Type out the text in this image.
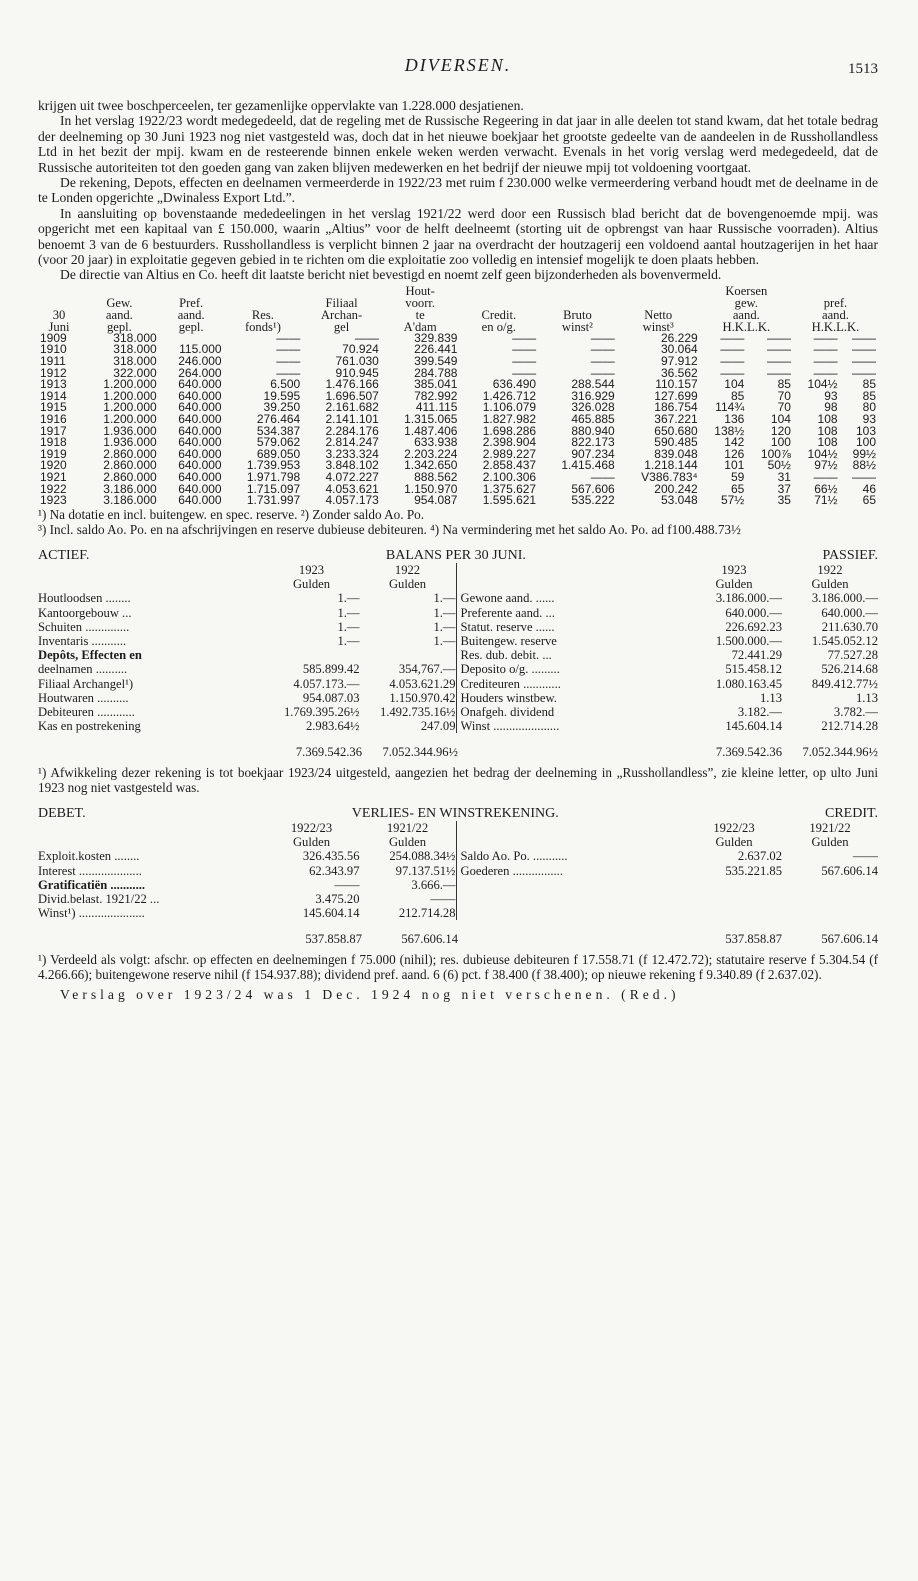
DIVERSEN.	1513

krijgen uit twee boschperceelen, ter gezamenlijke oppervlakte van 1.228.000 desjatienen.

In het verslag 1922/23 wordt medegedeeld, dat de regeling met de Russische Regeering in dat jaar in alle deelen tot stand kwam, dat het totale bedrag der deelneming op 30 Juni 1923 nog niet vastgesteld was, doch dat in het nieuwe boekjaar het grootste gedeelte van de aandeelen in de Russhollandless Ltd in het bezit der mpij. kwam en de resteerende binnen enkele weken werden verwacht. Evenals in het vorig verslag werd medegedeeld, dat de Russische autoriteiten tot den goeden gang van zaken blijven medewerken en het bedrijf der nieuwe mpij tot voldoening voortgaat.

De rekening, Depots, effecten en deelnamen vermeerderde in 1922/23 met ruim f 230.000 welke vermeerdering verband houdt met de deelname in de te Londen opgerichte „Dwinaless Export Ltd.”.

In aansluiting op bovenstaande mededeelingen in het verslag 1921/22 werd door een Russisch blad bericht dat de bovengenoemde mpij. was opgericht met een kapitaal van £ 150.000, waarin „Altius” voor de helft deelneemt (storting uit de opbrengst van haar Russische voorraden). Altius benoemt 3 van de 6 bestuurders. Russhollandless is verplicht binnen 2 jaar na overdracht der houtzagerij een voldoend aantal houtzagerijen in het haar (voor 20 jaar) in exploitatie gegeven gebied in te richten om die exploitatie zoo volledig en intensief mogelijk te doen plaats hebben.

De directie van Altius en Co. heeft dit laatste bericht niet bevestigd en noemt zelf geen bijzonderheden als bovenvermeld.

					Hout-				Koersen			
	Gew.	Pref.		Filiaal	voorr.				gew.		pref.	
30	aand.	aand.	Res.	Archan-	te	Credit.	Bruto	Netto	aand.		aand.	
Juni	gepl.	gepl.	fonds¹)	gel	A'dam	en o/g.	winst²	winst³	H.K.L.K.		H.K.L.K.	
1909	318.000		——	——	329.839	——	——	26.229	——	——	——	——
1910	318.000	115.000	——	70.924	226.441	——	——	30.064	——	——	——	——
1911	318.000	246.000	——	761.030	399.549	——	——	97.912	——	——	——	——
1912	322.000	264.000	——	910.945	284.788	——	——	36.562	——	——	——	——
1913	1.200.000	640.000	6.500	1.476.166	385.041	636.490	288.544	110.157	104	85	104½	85
1914	1.200.000	640.000	19.595	1.696.507	782.992	1.426.712	316.929	127.699	85	70	93	85
1915	1.200.000	640.000	39.250	2.161.682	411.115	1.106.079	326.028	186.754	114¾	70	98	80
1916	1.200.000	640.000	276.464	2.141.101	1.315.065	1.827.982	465.885	367.221	136	104	108	93
1917	1.936.000	640.000	534.387	2.284.176	1.487.406	1.698.286	880.940	650.680	138½	120	108	103
1918	1.936.000	640.000	579.062	2.814.247	633.938	2.398.904	822.173	590.485	142	100	108	100
1919	2.860.000	640.000	689.050	3.233.324	2.203.224	2.989.227	907.234	839.048	126	100⅞	104½	99½
1920	2.860.000	640.000	1.739.953	3.848.102	1.342.650	2.858.437	1.415.468	1.218.144	101	50½	97½	88½
1921	2.860.000	640.000	1.971.798	4.072.227	888.562	2.100.306	——	V386.783⁴	59	31	——	——
1922	3.186.000	640.000	1.715.097	4.053.621	1.150.970	1.375.627	567.606	200.242	65	37	66½	46
1923	3.186.000	640.000	1.731.997	4.057.173	954.087	1.595.621	535.222	53.048	57½	35	71½	65

¹) Na dotatie en incl. buitengew. en spec. reserve. ²) Zonder saldo Ao. Po.

³) Incl. saldo Ao. Po. en na afschrijvingen en reserve dubieuse debiteuren. ⁴) Na vermindering met het saldo Ao. Po. ad f100.488.73½

ACTIEF.	BALANS PER 30 JUNI.	PASSIEF.
1923	1922
Gulden	Gulden
Houtloodsen ........	1.—	1.—
Kantoorgebouw ...	1.—	1.—
Schuiten ..............	1.—	1.—
Inventaris ...........	1.—	1.—
Depôts, Effecten en
deelnamen ..........	585.899.42	354,767.—
Filiaal Archangel¹)	4.057.173.—	4.053.621.29
Houtwaren ..........	954.087.03	1.150.970.42
Debiteuren ............	1.769.395.26½	1.492.735.16½
Kas en postrekening	2.983.64½	247.09
1923	1922
Gulden	Gulden
Gewone aand. ......	3.186.000.—	3.186.000.—
Preferente aand. ...	640.000.—	640.000.—
Statut. reserve ......	226.692.23	211.630.70
Buitengew. reserve	1.500.000.—	1.545.052.12
Res. dub. debit. ...	72.441.29	77.527.28
Deposito o/g. .........	515.458.12	526.214.68
Crediteuren ............	1.080.163.45	849.412.77½
Houders winstbew.	1.13	1.13
Onafgeh. dividend	3.182.—	3.782.—
Winst .....................	145.604.14	212.714.28
7.369.542.36	7.052.344.96½	7.369.542.36	7.052.344.96½

¹) Afwikkeling dezer rekening is tot boekjaar 1923/24 uitgesteld, aangezien het bedrag der deelneming in „Russhollandless”, zie kleine letter, op ulto Juni 1923 nog niet vastgesteld was.

DEBET.	VERLIES- EN WINSTREKENING.	CREDIT.
1922/23	1921/22
Gulden	Gulden
Exploit.kosten ........	326.435.56	254.088.34½
Interest ....................	62.343.97	97.137.51½
Gratificatiën ...........	——	3.666.—
Divid.belast. 1921/22 ...	3.475.20	——
Winst¹) .....................	145.604.14	212.714.28
1922/23	1921/22
Gulden	Gulden
Saldo Ao. Po. ...........	2.637.02	——
Goederen ................	535.221.85	567.606.14
537.858.87	567.606.14	537.858.87	567.606.14

¹) Verdeeld als volgt: afschr. op effecten en deelnemingen f 75.000 (nihil); res. dubieuse debiteuren f 17.558.71 (f 12.472.72); statutaire reserve f 5.304.54 (f 4.266.66); buitengewone reserve nihil (f 154.937.88); dividend pref. aand. 6 (6) pct. f 38.400 (f 38.400); op nieuwe rekening f 9.340.89 (f 2.637.02).

Verslag over 1923/24 was 1 Dec. 1924 nog niet verschenen. (Red.)
